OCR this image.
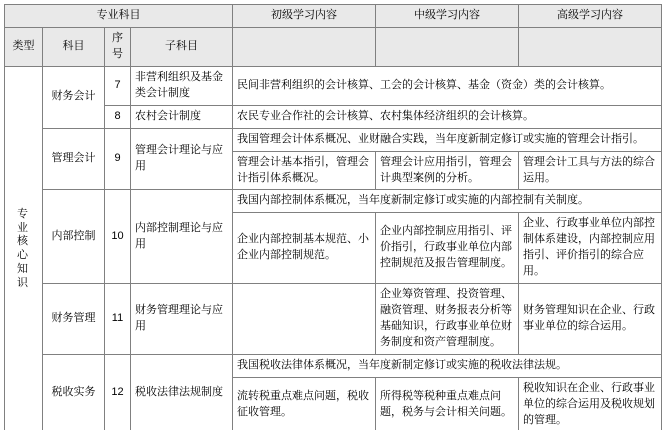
专业科目				初级学习内容	中级学习内容	高级学习内容
类型	科目	序号	子科目			

专
业
核
心
知
识
	财务会计	7	非营利组织及基金类会计制度	民间非营利组织的会计核算、工会的会计核算、基金（资金）类的会计核算。
		8	农村会计制度	农民专业合作社的会计核算、农村集体经济组织的会计核算。		
	管理会计	9	管理会计理论与应用	我国管理会计体系概况、业财融合实践，当年度新制定修订或实施的管理会计指引。		
				管理会计基本指引，管理会计指引体系概况。	管理会计应用指引，管理会计典型案例的分析。	管理会计工具与方法的综合运用。
	内部控制	10	内部控制理论与应用	我国内部控制体系概况，当年度新制定修订或实施的内部控制有关制度。		
				企业内部控制基本规范、小企业内部控制规范。	企业内部控制应用指引、评价指引，行政事业单位内部控制规范及报告管理制度。	企业、行政事业单位内部控制体系建设，内部控制应用指引、评价指引的综合应用。
	财务管理	11	财务管理理论与应用		企业筹资管理、投资管理、融资管理、财务报表分析等基础知识，行政事业单位财务制度和资产管理制度。	财务管理知识在企业、行政事业单位的综合运用。
	税收实务	12	税收法律法规制度	我国税收法律体系概况，当年度新制定修订或实施的税收法律法规。		
				流转税重点难点问题，税收征收管理。	所得税等税种重点难点问题，税务与会计相关问题。	税收知识在企业、行政事业单位的综合运用及税收规划的管理。
